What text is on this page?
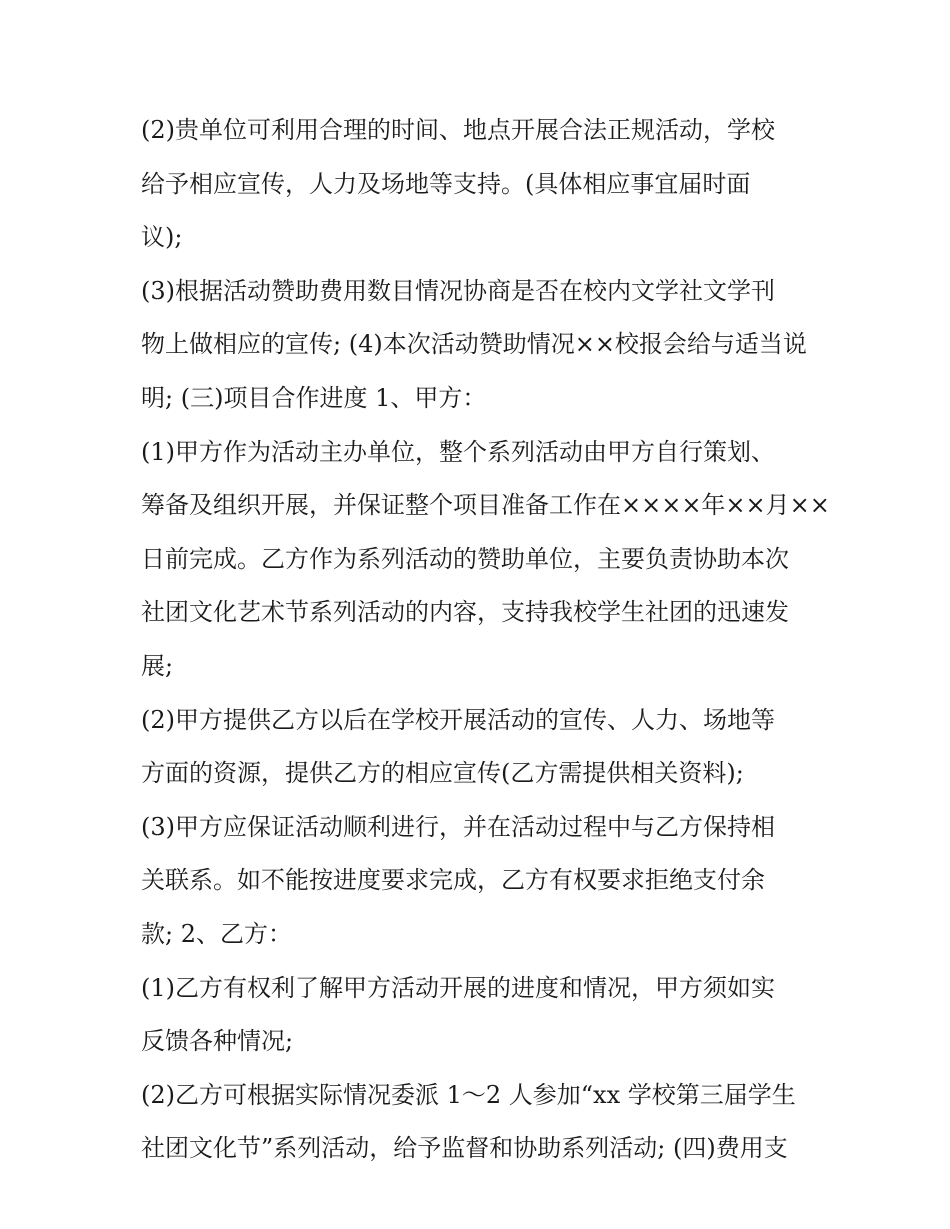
(2)贵单位可利用合理的时间、地点开展合法正规活动，学校
给予相应宣传，人力及场地等支持。(具体相应事宜届时面
议);
(3)根据活动赞助费用数目情况协商是否在校内文学社文学刊
物上做相应的宣传; (4)本次活动赞助情况××校报会给与适当说
明; (三)项目合作进度 1、甲方：
(1)甲方作为活动主办单位，整个系列活动由甲方自行策划、
筹备及组织开展，并保证整个项目准备工作在××××年××月××
日前完成。乙方作为系列活动的赞助单位，主要负责协助本次
社团文化艺术节系列活动的内容，支持我校学生社团的迅速发
展;
(2)甲方提供乙方以后在学校开展活动的宣传、人力、场地等
方面的资源，提供乙方的相应宣传(乙方需提供相关资料);
(3)甲方应保证活动顺利进行，并在活动过程中与乙方保持相
关联系。如不能按进度要求完成，乙方有权要求拒绝支付余
款; 2、乙方：
(1)乙方有权利了解甲方活动开展的进度和情况，甲方须如实
反馈各种情况;
(2)乙方可根据实际情况委派 1～2 人参加“xx 学校第三届学生
社团文化节”系列活动，给予监督和协助系列活动; (四)费用支
